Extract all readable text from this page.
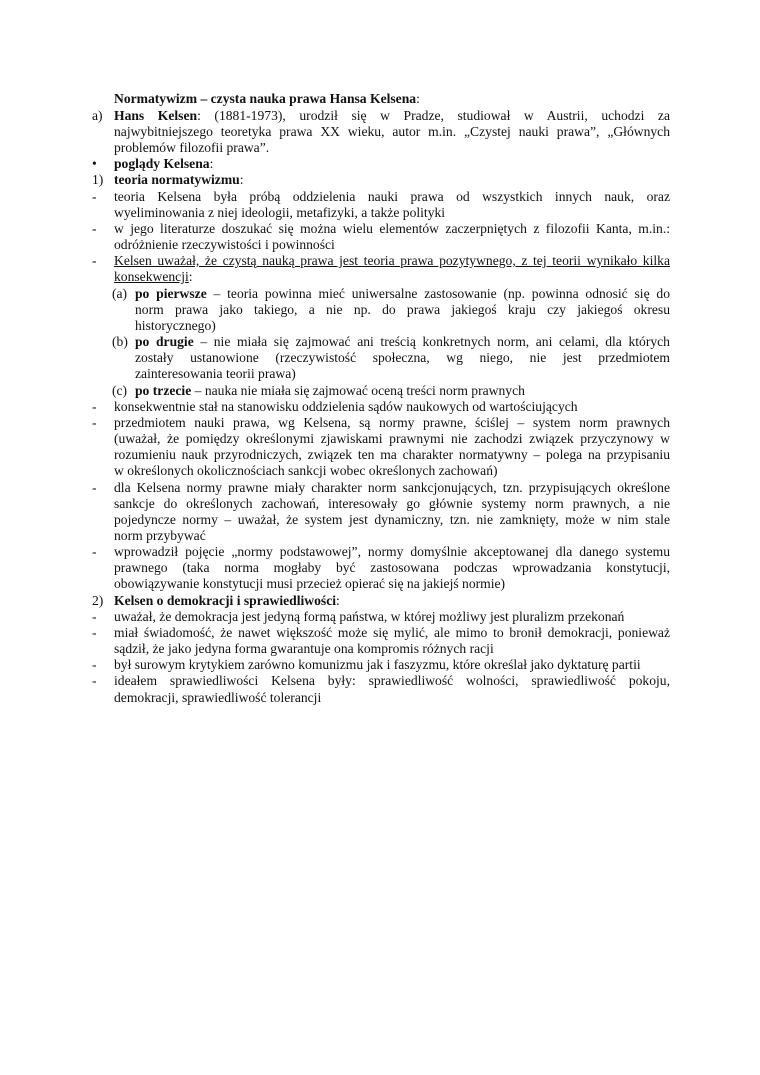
Normatywizm – czysta nauka prawa Hansa Kelsena:
a) Hans Kelsen: (1881-1973), urodził się w Pradze, studiował w Austrii, uchodzi za
najwybitniejszego teoretyka prawa XX wieku, autor m.in. „Czystej nauki prawa”, „Głównych
problemów filozofii prawa”.
• poglądy Kelsena:
1) teoria normatywizmu:
- teoria Kelsena była próbą oddzielenia nauki prawa od wszystkich innych nauk, oraz
wyeliminowania z niej ideologii, metafizyki, a także polityki
- w jego literaturze doszukać się można wielu elementów zaczerpniętych z filozofii Kanta, m.in.:
odróżnienie rzeczywistości i powinności
- Kelsen uważał, że czystą nauką prawa jest teoria prawa pozytywnego, z tej teorii wynikało kilka
konsekwencji:
(a) po pierwsze – teoria powinna mieć uniwersalne zastosowanie (np. powinna odnosić się do
norm prawa jako takiego, a nie np. do prawa jakiegoś kraju czy jakiegoś okresu
historycznego)
(b) po drugie – nie miała się zajmować ani treścią konkretnych norm, ani celami, dla których
zostały ustanowione (rzeczywistość społeczna, wg niego, nie jest przedmiotem
zainteresowania teorii prawa)
(c) po trzecie – nauka nie miała się zajmować oceną treści norm prawnych
- konsekwentnie stał na stanowisku oddzielenia sądów naukowych od wartościujących
- przedmiotem nauki prawa, wg Kelsena, są normy prawne, ściślej – system norm prawnych
(uważał, że pomiędzy określonymi zjawiskami prawnymi nie zachodzi związek przyczynowy w
rozumieniu nauk przyrodniczych, związek ten ma charakter normatywny – polega na przypisaniu
w określonych okolicznościach sankcji wobec określonych zachowań)
- dla Kelsena normy prawne miały charakter norm sankcjonujących, tzn. przypisujących określone
sankcje do określonych zachowań, interesowały go głównie systemy norm prawnych, a nie
pojedyncze normy – uważał, że system jest dynamiczny, tzn. nie zamknięty, może w nim stale
norm przybywać
- wprowadził pojęcie „normy podstawowej”, normy domyślnie akceptowanej dla danego systemu
prawnego (taka norma mogłaby być zastosowana podczas wprowadzania konstytucji,
obowiązywanie konstytucji musi przecież opierać się na jakiejś normie)
2) Kelsen o demokracji i sprawiedliwości:
- uważał, że demokracja jest jedyną formą państwa, w której możliwy jest pluralizm przekonań
- miał świadomość, że nawet większość może się mylić, ale mimo to bronił demokracji, ponieważ
sądził, że jako jedyna forma gwarantuje ona kompromis różnych racji
- był surowym krytykiem zarówno komunizmu jak i faszyzmu, które określał jako dyktaturę partii
- ideałem sprawiedliwości Kelsena były: sprawiedliwość wolności, sprawiedliwość pokoju,
demokracji, sprawiedliwość tolerancji
